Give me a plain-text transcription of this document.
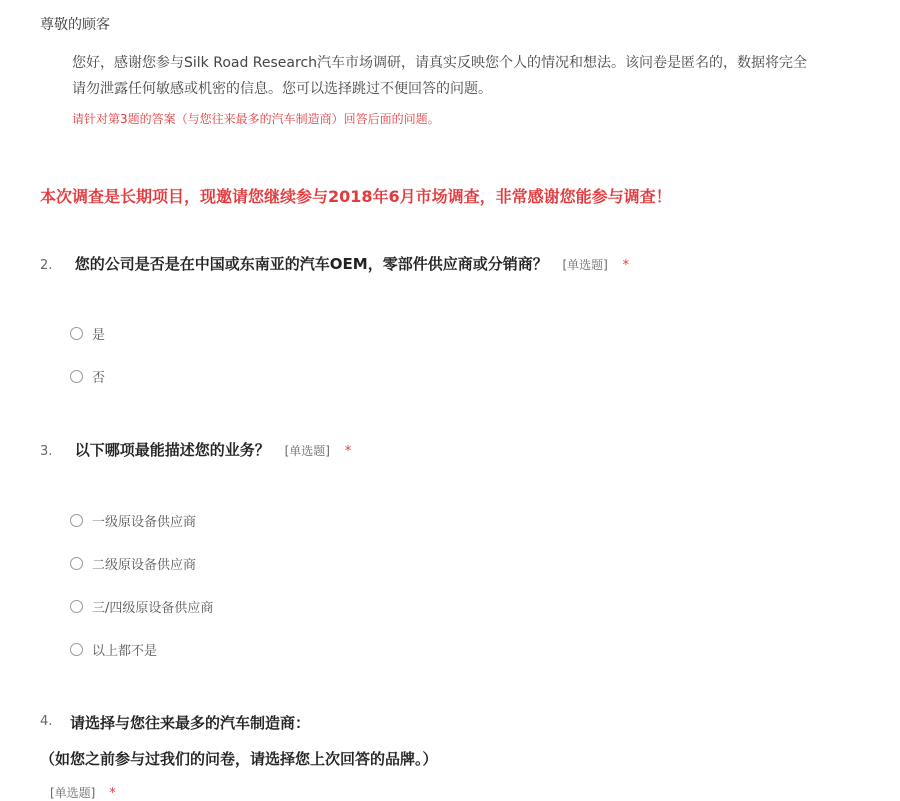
尊敬的顾客
您好，感谢您参与Silk Road Research汽车市场调研，请真实反映您个人的情况和想法。该问卷是匿名的，数据将完全
请勿泄露任何敏感或机密的信息。您可以选择跳过不便回答的问题。
请针对第3题的答案（与您往来最多的汽车制造商）回答后面的问题。
本次调查是长期项目，现邀请您继续参与2018年6月市场调查，非常感谢您能参与调查！
2. 您的公司是否是在中国或东南亚的汽车OEM，零部件供应商或分销商？ [单选题] *
是
否
3. 以下哪项最能描述您的业务？ [单选题] *
一级原设备供应商
二级原设备供应商
三/四级原设备供应商
以上都不是
4. 请选择与您往来最多的汽车制造商：
（如您之前参与过我们的问卷，请选择您上次回答的品牌。）
[单选题] *
